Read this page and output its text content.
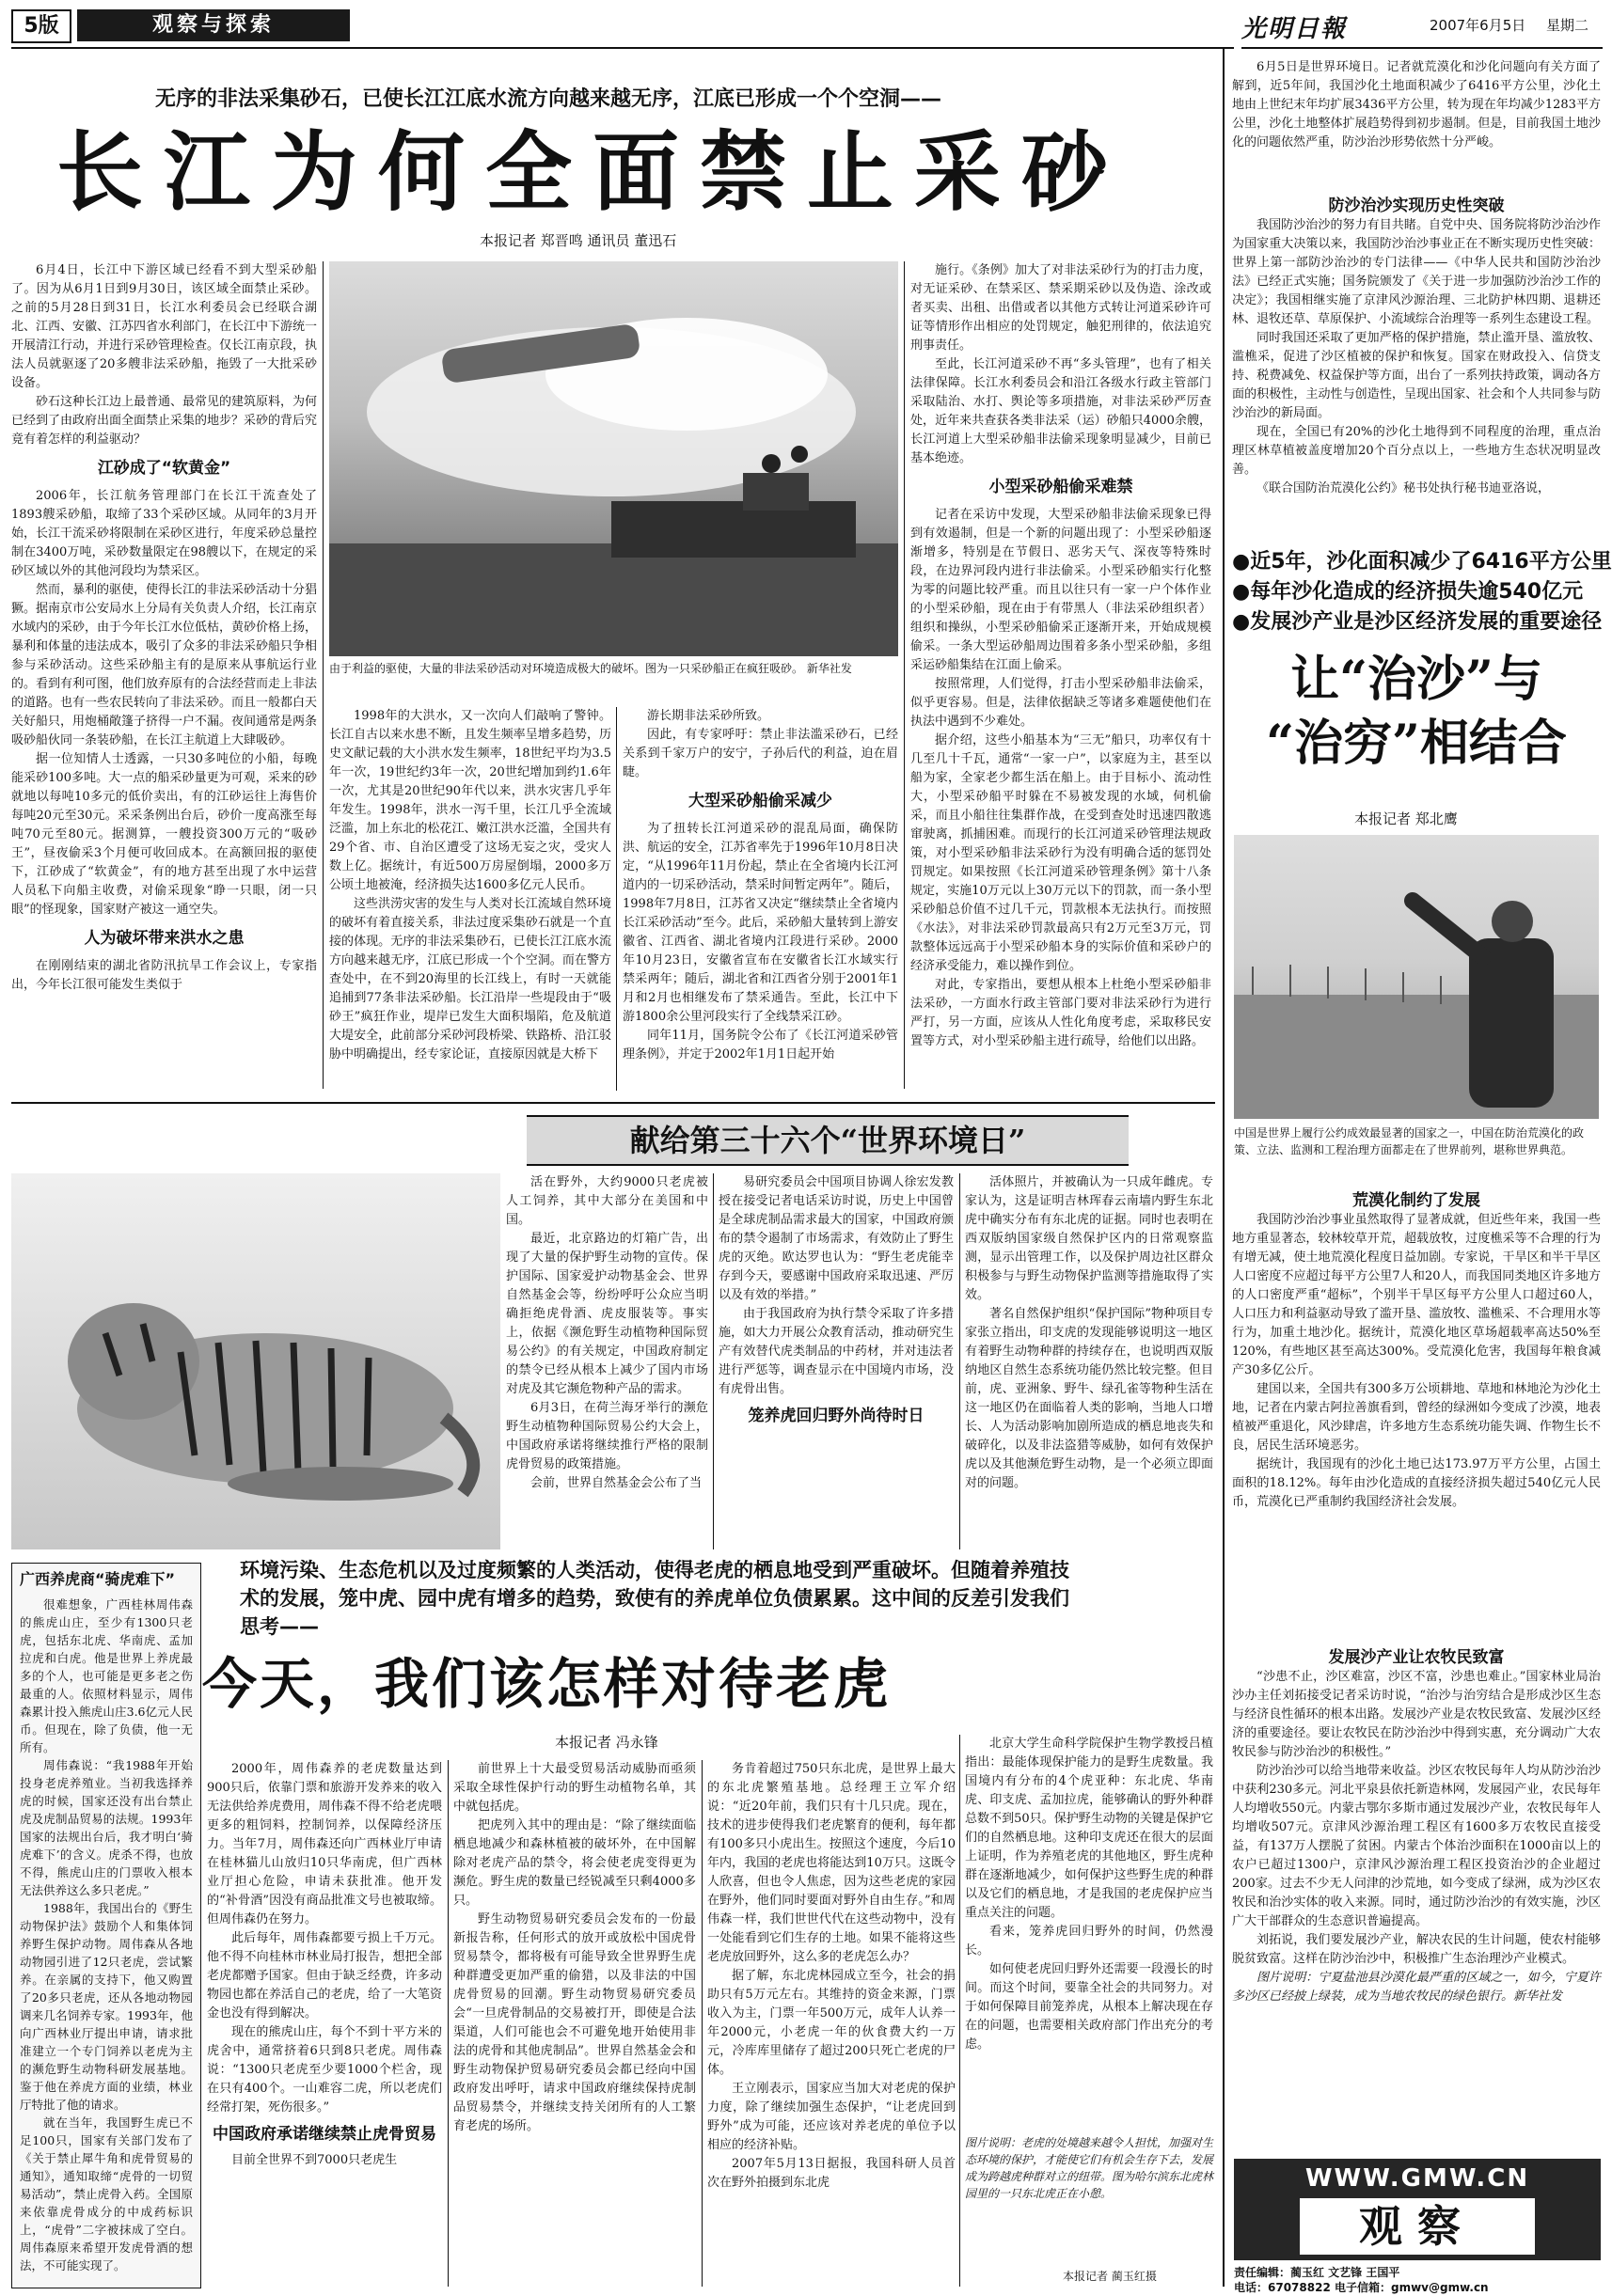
5版	观察与探索	光明日報	2007年6月5日	星期二
无序的非法采集砂石，已使长江江底水流方向越来越无序，江底已形成一个个空洞——
长江为何全面禁止采砂
本报记者 郑晋鸣 通讯员 董迅石

6月4日，长江中下游区域已经看不到大型采砂船了。因为从6月1日到9月30日，该区域全面禁止采砂。之前的5月28日到31日，长江水利委员会已经联合湖北、江西、安徽、江苏四省水利部门，在长江中下游统一开展清江行动，并进行采砂管理检查。仅长江南京段，执法人员就驱逐了20多艘非法采砂船，拖毁了一大批采砂设备。

砂石这种长江边上最普通、最常见的建筑原料，为何已经到了由政府出面全面禁止采集的地步？采砂的背后究竟有着怎样的利益驱动？

江砂成了“软黄金”

2006年，长江航务管理部门在长江干流查处了1893艘采砂船，取缔了33个采砂区域。从同年的3月开始，长江干流采砂将限制在采砂区进行，年度采砂总量控制在3400万吨，采砂数量限定在98艘以下，在规定的采砂区域以外的其他河段均为禁采区。

然而，暴利的驱使，使得长江的非法采砂活动十分猖獗。据南京市公安局水上分局有关负责人介绍，长江南京水域内的采砂，由于今年长江水位低枯，黄砂价格上扬，暴利和体量的违法成本，吸引了众多的非法采砂船只争相参与采砂活动。这些采砂船主有的是原来从事航运行业的。看到有利可图，他们放弃原有的合法经营而走上非法的道路。也有一些农民转向了非法采砂。而且一般都白天关好船只，用炮桶敞篷子挤得一户不漏。夜间通常是两条吸砂船伙同一条装砂船，在长江主航道上大肆吸砂。

据一位知情人士透露，一只30多吨位的小船，每晚能采砂100多吨。大一点的船采砂量更为可观，采来的砂就地以每吨10多元的低价卖出，有的江砂运往上海售价每吨20元至30元。采采条例出台后，砂价一度高涨至每吨70元至80元。据测算，一艘投资300万元的“吸砂王”，昼夜偷采3个月便可收回成本。在高额回报的驱使下，江砂成了“软黄金”，有的地方甚至出现了水中运营人员私下向船主收费，对偷采现象“睁一只眼，闭一只眼”的怪现象，国家财产被这一通空失。

人为破坏带来洪水之患

在刚刚结束的湖北省防汛抗旱工作会议上，专家指出，今年长江很可能发生类似于

由于利益的驱使，大量的非法采砂活动对环境造成极大的破坏。图为一只采砂船正在疯狂吸砂。 新华社发

1998年的大洪水，又一次向人们敲响了警钟。长江自古以来水患不断，且发生频率呈增多趋势，历史文献记载的大小洪水发生频率，18世纪平均为3.5年一次，19世纪约3年一次，20世纪增加到约1.6年一次，尤其是20世纪90年代以来，洪水灾害几乎年年发生。1998年，洪水一泻千里，长江几乎全流域泛滥，加上东北的松花江、嫩江洪水泛滥，全国共有29个省、市、自治区遭受了这场无妄之灾，受灾人数上亿。据统计，有近500万房屋倒塌，2000多万公顷土地被淹，经济损失达1600多亿元人民币。

这些洪涝灾害的发生与人类对长江流域自然环境的破坏有着直接关系，非法过度采集砂石就是一个直接的体现。无序的非法采集砂石，已使长江江底水流方向越来越无序，江底已形成一个个空洞。而在警方查处中，在不到20海里的长江线上，有时一天就能追捕到77条非法采砂船。长江沿岸一些堤段由于“吸砂王”疯狂作业，堤岸已发生大面积塌陷，危及航道大堤安全，此前部分采砂河段桥梁、铁路桥、沿江驳胁中明确提出，经专家论证，直接原因就是大桥下

游长期非法采砂所致。

因此，有专家呼吁：禁止非法滥采砂石，已经关系到千家万户的安宁，子孙后代的利益，迫在眉睫。

大型采砂船偷采减少

为了扭转长江河道采砂的混乱局面，确保防洪、航运的安全，江苏省率先于1996年10月8日决定，“从1996年11月份起，禁止在全省境内长江河道内的一切采砂活动，禁采时间暂定两年”。随后，1998年7月8日，江苏省又决定“继续禁止全省境内长江采砂活动”至今。此后，采砂船大量转到上游安徽省、江西省、湖北省境内江段进行采砂。2000年10月23日，安徽省宣布在安徽省长江水域实行禁采两年；随后，湖北省和江西省分别于2001年1月和2月也相继发布了禁采通告。至此，长江中下游1800余公里河段实行了全线禁采江砂。

同年11月，国务院令公布了《长江河道采砂管理条例》，并定于2002年1月1日起开始

施行。《条例》加大了对非法采砂行为的打击力度，对无证采砂、在禁采区、禁采期采砂以及伪造、涂改或者买卖、出租、出借或者以其他方式转让河道采砂许可证等情形作出相应的处罚规定，触犯刑律的，依法追究刑事责任。

至此，长江河道采砂不再“多头管理”，也有了相关法律保障。长江水利委员会和沿江各级水行政主管部门采取陆治、水打、舆论等多项措施，对非法采砂严厉查处，近年来共查获各类非法采（运）砂船只4000余艘，长江河道上大型采砂船非法偷采现象明显减少，目前已基本绝迹。

小型采砂船偷采难禁

记者在采访中发现，大型采砂船非法偷采现象已得到有效遏制，但是一个新的问题出现了：小型采砂船逐渐增多，特别是在节假日、恶劣天气、深夜等特殊时段，在边界河段内进行非法偷采。小型采砂船实行化整为零的问题比较严重。而且以往只有一家一户个体作业的小型采砂船，现在由于有带黑人（非法采砂组织者）组织和操纵，小型采砂船偷采正逐渐开来，开始成规模偷采。一条大型运砂船周边围着多条小型采砂船，多组采运砂船集结在江面上偷采。

按照常理，人们觉得，打击小型采砂船非法偷采，似乎更容易。但是，法律依据缺乏等诸多难题使他们在执法中遇到不少难处。

据介绍，这些小船基本为“三无”船只，功率仅有十几至几十千瓦，通常“一家一户”，以家庭为主，甚至以船为家，全家老少都生活在船上。由于目标小、流动性大，小型采砂船平时躲在不易被发现的水域，伺机偷采，而且小船往往集群作战，在受到查处时迅速四散逃窜驶离，抓捕困难。而现行的长江河道采砂管理法规政策，对小型采砂船非法采砂行为没有明确合适的惩罚处罚规定。如果按照《长江河道采砂管理条例》第十八条规定，实施10万元以上30万元以下的罚款，而一条小型采砂船总价值不过几千元，罚款根本无法执行。而按照《水法》，对非法采砂罚款最高只有2万元至3万元，罚款整体远远高于小型采砂船本身的实际价值和采砂户的经济承受能力，难以操作到位。

对此，专家指出，要想从根本上杜绝小型采砂船非法采砂，一方面水行政主管部门要对非法采砂行为进行严打，另一方面，应该从人性化角度考虑，采取移民安置等方式，对小型采砂船主进行疏导，给他们以出路。

献给第三十六个“世界环境日”
环境污染、生态危机以及过度频繁的人类活动，使得老虎的栖息地受到严重破坏。但随着养殖技术的发展，笼中虎、园中虎有增多的趋势，致使有的养虎单位负债累累。这中间的反差引发我们思考——
今天，我们该怎样对待老虎
本报记者 冯永锋
广西养虎商“骑虎难下”

很难想象，广西桂林周伟森的熊虎山庄，至少有1300只老虎，包括东北虎、华南虎、孟加拉虎和白虎。他是世界上养虎最多的个人，也可能是更多老之伤最重的人。依照材料显示，周伟森累计投入熊虎山庄3.6亿元人民币。但现在，除了负债，他一无所有。

周伟森说：“我1988年开始投身老虎养殖业。当初我选择养虎的时候，国家还没有出台禁止虎及虎制品贸易的法规。1993年国家的法规出台后，我才明白‘骑虎难下’的含义。虎杀不得，也放不得，熊虎山庄的门票收入根本无法供养这么多只老虎。”

1988年，我国出台的《野生动物保护法》鼓励个人和集体饲养野生保护动物。周伟森从各地动物园引进了12只老虎，尝试繁养。在亲属的支持下，他又购置了20多只老虎，还从各地动物园调来几名饲养专家。1993年，他向广西林业厅提出申请，请求批准建立一个专门饲养以老虎为主的濒危野生动物科研发展基地。鉴于他在养虎方面的业绩，林业厅特批了他的请求。

就在当年，我国野生虎已不足100只，国家有关部门发布了《关于禁止犀牛角和虎骨贸易的通知》，通知取缔“虎骨的一切贸易活动”，禁止虎骨入药。全国原来依靠虎骨成分的中成药标识上，“虎骨”二字被抹成了空白。周伟森原来希望开发虎骨酒的想法，不可能实现了。

活在野外，大约9000只老虎被人工饲养，其中大部分在美国和中国。

最近，北京路边的灯箱广告，出现了大量的保护野生动物的宣传。保护国际、国家爱护动物基金会、世界自然基金会等，纷纷呼吁公众应当明确拒绝虎骨酒、虎皮服装等。事实上，依据《濒危野生动植物种国际贸易公约》的有关规定，中国政府制定的禁令已经从根本上减少了国内市场对虎及其它濒危物种产品的需求。

6月3日，在荷兰海牙举行的濒危野生动植物种国际贸易公约大会上，中国政府承诺将继续推行严格的限制虎骨贸易的政策措施。

会前，世界自然基金会公布了当

易研究委员会中国项目协调人徐宏发教授在接受记者电话采访时说，历史上中国曾是全球虎制品需求最大的国家，中国政府颁布的禁令遏制了市场需求，有效防止了野生虎的灭绝。欧达罗也认为：“野生老虎能幸存到今天，要感谢中国政府采取迅速、严厉以及有效的举措。”

由于我国政府为执行禁令采取了许多措施，如大力开展公众教育活动，推动研究生产有效替代虎类制品的中药材，并对违法者进行严惩等，调查显示在中国境内市场，没有虎骨出售。

笼养虎回归野外尚待时日

活体照片，并被确认为一只成年雌虎。专家认为，这是证明吉林珲春云南墙内野生东北虎中确实分布有东北虎的证据。同时也表明在西双版纳国家级自然保护区内的日常观察监测，显示出管理工作，以及保护周边社区群众积极参与与野生动物保护监测等措施取得了实效。

著名自然保护组织“保护国际”物种项目专家张立指出，印支虎的发现能够说明这一地区有着野生动物种群的持续存在，也说明西双版纳地区自然生态系统功能仍然比较完整。但目前，虎、亚洲象、野牛、绿孔雀等物种生活在这一地区仍在面临着人类的影响，当地人口增长、人为活动影响加剧所造成的栖息地丧失和破碎化，以及非法盗猎等威胁，如何有效保护虎以及其他濒危野生动物，是一个必须立即面对的问题。

2000年，周伟森养的老虎数量达到900只后，依靠门票和旅游开发养来的收入无法供给养虎费用，周伟森不得不给老虎喂更多的粗饲料，控制饲养，以保障经济压力。当年7月，周伟森还向广西林业厅申请在桂林猫儿山放归10只华南虎，但广西林业厅担心危险，申请未获批准。他开发的“补骨酒”因没有商品批准文号也被取缔。但周伟森仍在努力。

此后每年，周伟森都要亏损上千万元。他不得不向桂林市林业局打报告，想把全部老虎都赠予国家。但由于缺乏经费，许多动物园也都在养活自己的老虎，给了一大笔资金也没有得到解决。

现在的熊虎山庄，每个不到十平方米的虎舍中，通常挤着6只到8只老虎。周伟森说：“1300只老虎至少要1000个栏舍，现在只有400个。一山难容二虎，所以老虎们经常打架，死伤很多。”

中国政府承诺继续禁止虎骨贸易

目前全世界不到7000只老虎生

前世界上十大最受贸易活动威胁而亟须采取全球性保护行动的野生动植物名单，其中就包括虎。

把虎列入其中的理由是：“除了继续面临栖息地减少和森林植被的破坏外，在中国解除对老虎产品的禁令，将会使老虎变得更为濒危。野生虎的数量已经锐减至只剩4000多只。

野生动物贸易研究委员会发布的一份最新报告称，任何形式的放开或放松中国虎骨贸易禁令，都将极有可能导致全世界野生虎种群遭受更加严重的偷猎，以及非法的中国虎骨贸易的回潮。野生动物贸易研究委员会“一旦虎骨制品的交易被打开，即使是合法渠道，人们可能也会不可避免地开始使用非法的虎骨和其他虎制品”。世界自然基金会和野生动物保护贸易研究委员会都已经向中国政府发出呼吁，请求中国政府继续保持虎制品贸易禁令，并继续支持关闭所有的人工繁育老虎的场所。

务肯着超过750只东北虎，是世界上最大的东北虎繁殖基地。总经理王立军介绍说：“近20年前，我们只有十几只虎。现在，技术的进步使得我们老虎繁育的便利，每年都有100多只小虎出生。按照这个速度，今后10年内，我国的老虎也将能达到10万只。这既令人欣喜，但也令人焦虑，因为这些老虎的家园在野外，他们同时要面对野外自由生存。”和周伟森一样，我们世世代代在这些动物中，没有一处能看到它们生存的土地。如果不能将这些老虎放回野外，这么多的老虎怎么办？

据了解，东北虎林园成立至今，社会的捐助只有5万元左右。其维持的资金来源，门票收入为主，门票一年500万元，成年人认养一年2000元，小老虎一年的伙食费大约一万元，冷库库里储存了超过200只死亡老虎的尸体。

王立刚表示，国家应当加大对老虎的保护力度，除了继续加强生态保护，“让老虎回到野外”成为可能，还应该对养老虎的单位予以相应的经济补贴。

2007年5月13日据报，我国科研人员首次在野外拍摄到东北虎

北京大学生命科学院保护生物学教授吕植指出：最能体现保护能力的是野生虎数量。我国境内有分布的4个虎亚种：东北虎、华南虎、印支虎、孟加拉虎，能够确认的野外种群总数不到50只。保护野生动物的关键是保护它们的自然栖息地。这种印支虎还在很大的层面上证明，作为养殖老虎的其他地区，野生虎种群在逐渐地减少，如何保护这些野生虎的种群以及它们的栖息地，才是我国的老虎保护应当重点关注的问题。

看来，笼养虎回归野外的时间，仍然漫长。

如何使老虎回归野外还需要一段漫长的时间。而这个时间，要靠全社会的共同努力。对于如何保障目前笼养虎，从根本上解决现在存在的问题，也需要相关政府部门作出充分的考虑。

图片说明：老虎的处境越来越令人担忧，加强对生态环境的保护，才能使它们有机会生存下去，发展成为跨越虎种群对立的纽带。图为哈尔滨东北虎林园里的一只东北虎正在小憩。
本报记者 蔺玉红摄

6月5日是世界环境日。记者就荒漠化和沙化问题向有关方面了解到，近5年间，我国沙化土地面积减少了6416平方公里，沙化土地由上世纪末年均扩展3436平方公里，转为现在年均减少1283平方公里，沙化土地整体扩展趋势得到初步遏制。但是，目前我国土地沙化的问题依然严重，防沙治沙形势依然十分严峻。

防沙治沙实现历史性突破

我国防沙治沙的努力有目共睹。自党中央、国务院将防沙治沙作为国家重大决策以来，我国防沙治沙事业正在不断实现历史性突破：世界上第一部防沙治沙的专门法律——《中华人民共和国防沙治沙法》已经正式实施；国务院颁发了《关于进一步加强防沙治沙工作的决定》；我国相继实施了京津风沙源治理、三北防护林四期、退耕还林、退牧还草、草原保护、小流域综合治理等一系列生态建设工程。

同时我国还采取了更加严格的保护措施，禁止滥开垦、滥放牧、滥樵采，促进了沙区植被的保护和恢复。国家在财政投入、信贷支持、税费减免、权益保护等方面，出台了一系列扶持政策，调动各方面的积极性，主动性与创造性，呈现出国家、社会和个人共同参与防沙治沙的新局面。

现在，全国已有20%的沙化土地得到不同程度的治理，重点治理区林草植被盖度增加20个百分点以上，一些地方生态状况明显改善。

《联合国防治荒漠化公约》秘书处执行秘书迪亚洛说，

●近5年，沙化面积减少了6416平方公里
●每年沙化造成的经济损失逾540亿元
●发展沙产业是沙区经济发展的重要途径
让“治沙”与
“治穷”相结合
本报记者 郑北鹰
中国是世界上履行公约成效最显著的国家之一，中国在防治荒漠化的政策、立法、监测和工程治理方面都走在了世界前列，堪称世界典范。
荒漠化制约了发展

我国防沙治沙事业虽然取得了显著成就，但近些年来，我国一些地方重显著态，较林较草开荒，超载放牧，过度樵采等不合理的行为有增无减，使土地荒漠化程度日益加剧。专家说，干旱区和半干旱区人口密度不应超过每平方公里7人和20人，而我国同类地区许多地方的人口密度严重“超标”，个别半干旱区每平方公里人口超过60人，人口压力和利益驱动导致了滥开垦、滥放牧、滥樵采、不合理用水等行为，加重土地沙化。据统计，荒漠化地区草场超载率高达50%至120%，有些地区甚至高达300%。受荒漠化危害，我国每年粮食减产30多亿公斤。

建国以来，全国共有300多万公顷耕地、草地和林地沦为沙化土地，记者在内蒙古阿拉善旗看到，曾经的绿洲如今变成了沙漠，地表植被严重退化，风沙肆虐，许多地方生态系统功能失调、作物生长不良，居民生活环境恶劣。

据统计，我国现有的沙化土地已达173.97万平方公里，占国土面积的18.12%。每年由沙化造成的直接经济损失超过540亿元人民币，荒漠化已严重制约我国经济社会发展。

发展沙产业让农牧民致富

“沙患不止，沙区难富，沙区不富，沙患也难止。”国家林业局治沙办主任刘拓接受记者采访时说，“治沙与治穷结合是形成沙区生态与经济良性循环的根本出路。发展沙产业是农牧民致富、发展沙区经济的重要途径。要让农牧民在防沙治沙中得到实惠，充分调动广大农牧民参与防沙治沙的积极性。”

防沙治沙可以给当地带来收益。沙区农牧民每年人均从防沙治沙中获利230多元。河北平泉县依托新造林网，发展园产业，农民每年人均增收550元。内蒙古鄂尔多斯市通过发展沙产业，农牧民每年人均增收507元。京津风沙源治理工程区有1600多万农牧民直接受益，有137万人摆脱了贫困。内蒙古个体治沙面积在1000亩以上的农户已超过1300户，京津风沙源治理工程区投资治沙的企业超过200家。过去不少无人问津的沙荒地，如今变成了绿洲，成为沙区农牧民和治沙实体的收入来源。同时，通过防沙治沙的有效实施，沙区广大干部群众的生态意识普遍提高。

刘拓说，我们要发展沙产业，解决农民的生计问题，使农村能够脱贫致富。这样在防沙治沙中，积极推广生态治理沙产业模式。

图片说明：宁夏盐池县沙漠化最严重的区域之一，如今，宁夏许多沙区已经披上绿装，成为当地农牧民的绿色银行。新华社发

WWW.GMW.CN
观察
责任编辑：蔺玉红 文艺锋 王国平
电话：67078822 电子信箱：gmwv@gmw.cn
